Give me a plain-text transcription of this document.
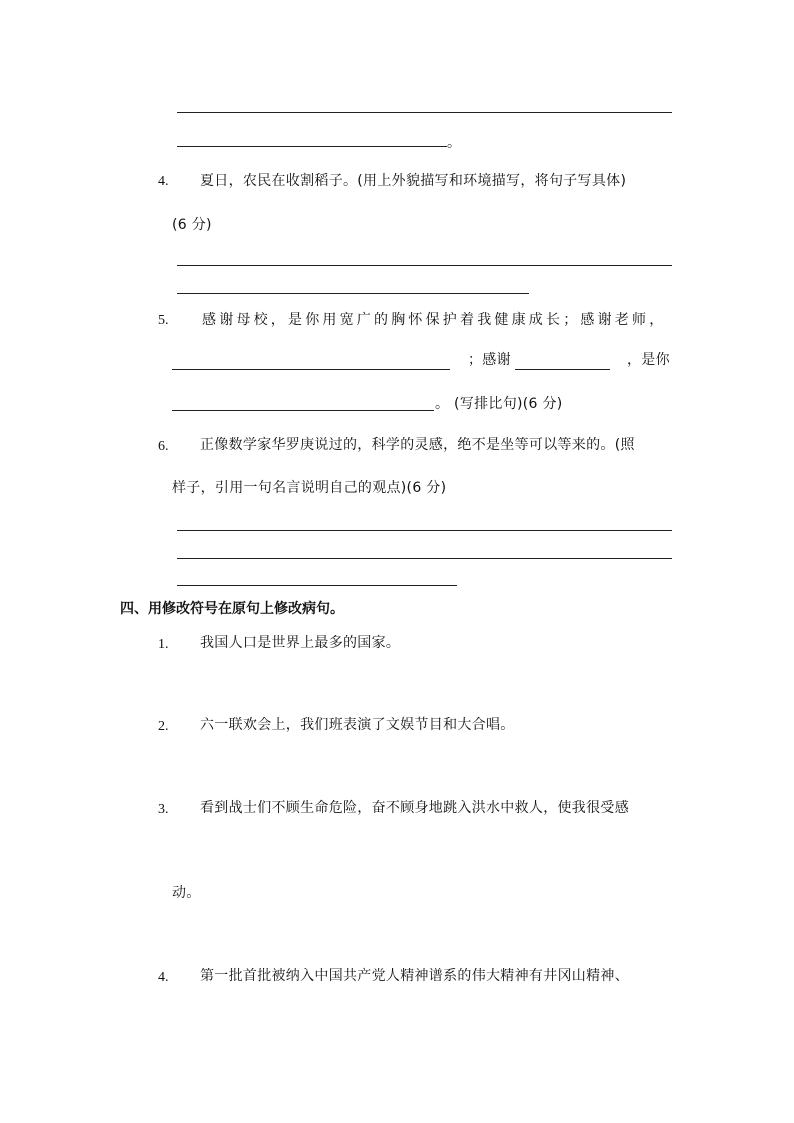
。
4. 夏日，农民在收割稻子。(用上外貌描写和环境描写，将句子写具体)
(6 分)
5. 感谢母校，是你用宽广的胸怀保护着我健康成长；感谢老师，
；感谢	，是你
。 (写排比句)(6 分)
6. 正像数学家华罗庚说过的，科学的灵感，绝不是坐等可以等来的。(照
样子，引用一句名言说明自己的观点)(6 分)
四、用修改符号在原句上修改病句。
1. 我国人口是世界上最多的国家。
2. 六一联欢会上，我们班表演了文娱节目和大合唱。
3. 看到战士们不顾生命危险，奋不顾身地跳入洪水中救人，使我很受感
动。
4. 第一批首批被纳入中国共产党人精神谱系的伟大精神有井冈山精神、
